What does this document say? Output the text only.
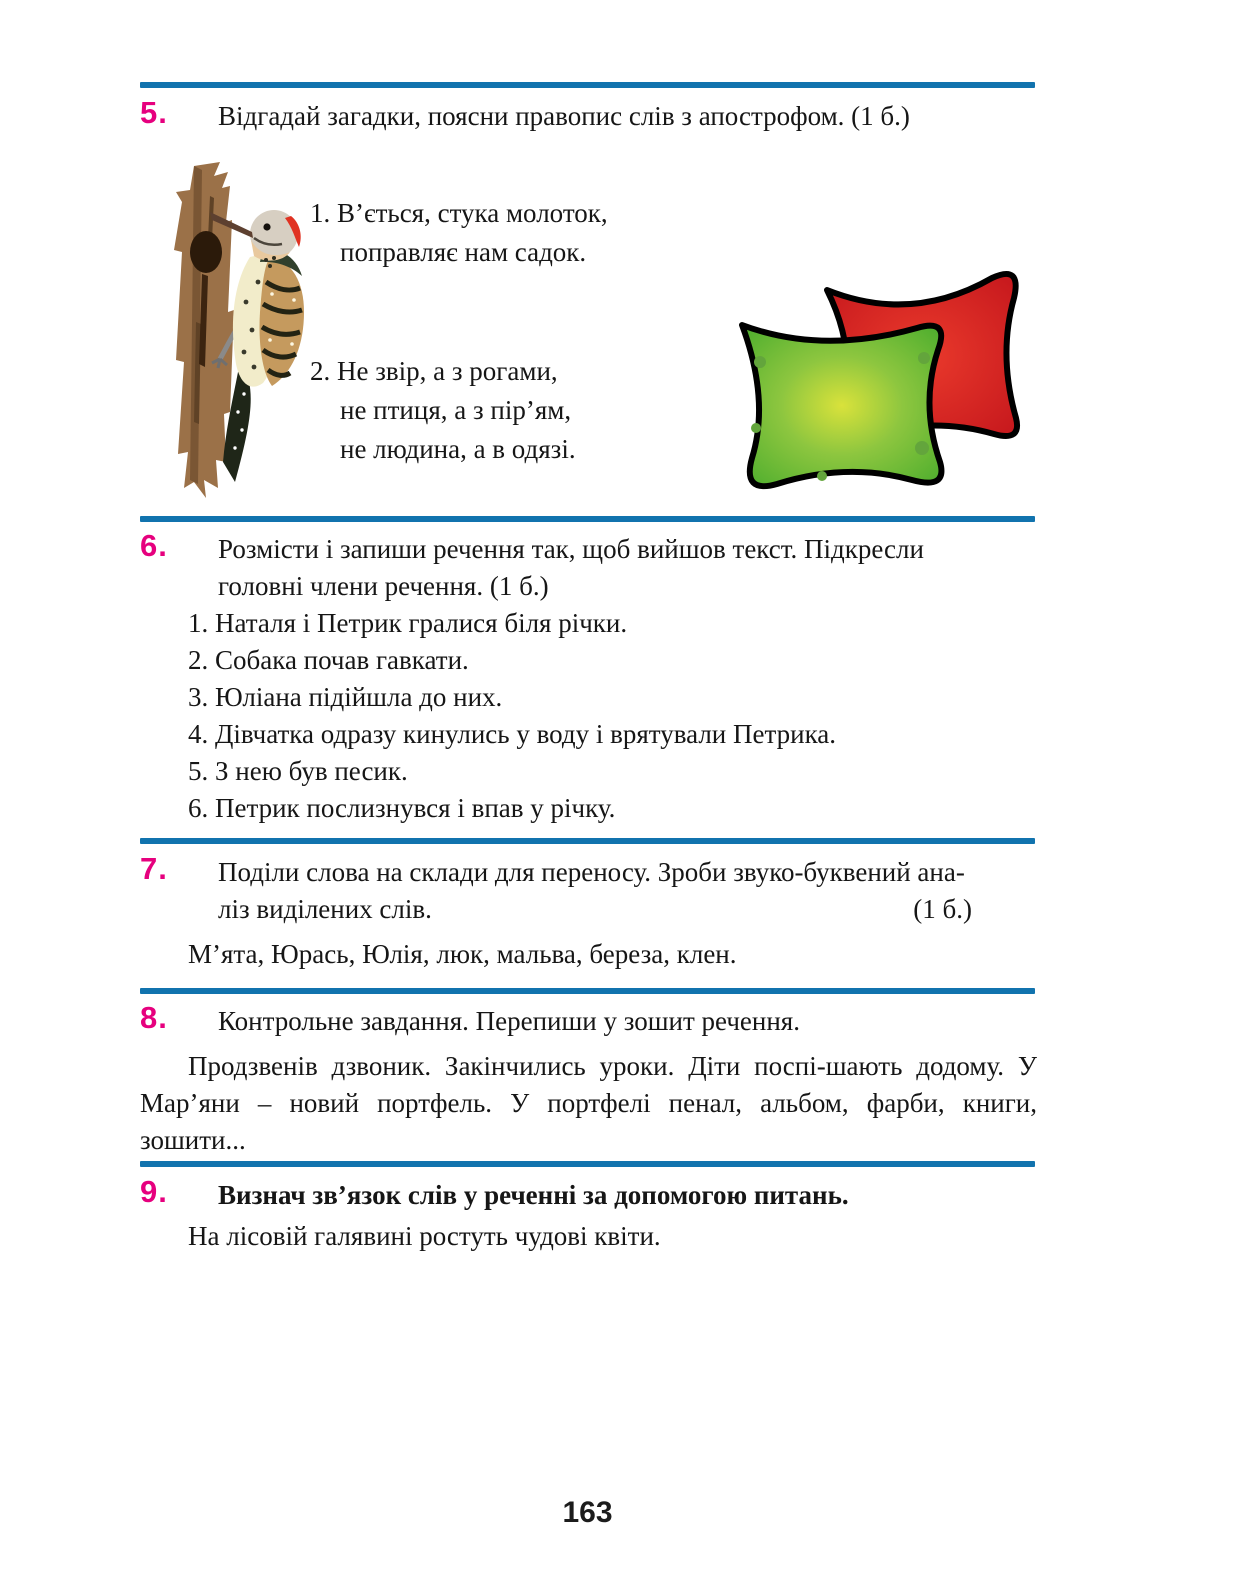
5. Відгадай загадки, поясни правопис слів з апострофом. (1 б.)
1. В’ється, стука молоток,
поправляє нам садок.
2. Не звір, а з рогами,
не птиця, а з пір’ям,
не людина, а в одязі.
6. Розмісти і запиши речення так, щоб вийшов текст. Підкресли
головні члени речення. (1 б.)
1. Наталя і Петрик гралися біля річки.
2. Собака почав гавкати.
3. Юліана підійшла до них.
4. Дівчатка одразу кинулись у воду і врятували Петрика.
5. З нею був песик.
6. Петрик послизнувся і впав у річку.
7. Поділи слова на склади для переносу. Зроби звуко-буквений ана-
ліз виділених слів.	(1 б.)
М’ята, Юрась, Юлія, люк, мальва, береза, клен.
8. Контрольне завдання. Перепиши у зошит речення.
Продзвенів дзвоник. Закінчились уроки. Діти поспі-шають додому. У Мар’яни – новий портфель. У портфелі пенал, альбом, фарби, книги, зошити...
9. Визнач зв’язок слів у реченні за допомогою питань.
На лісовій галявині ростуть чудові квіти.
163
